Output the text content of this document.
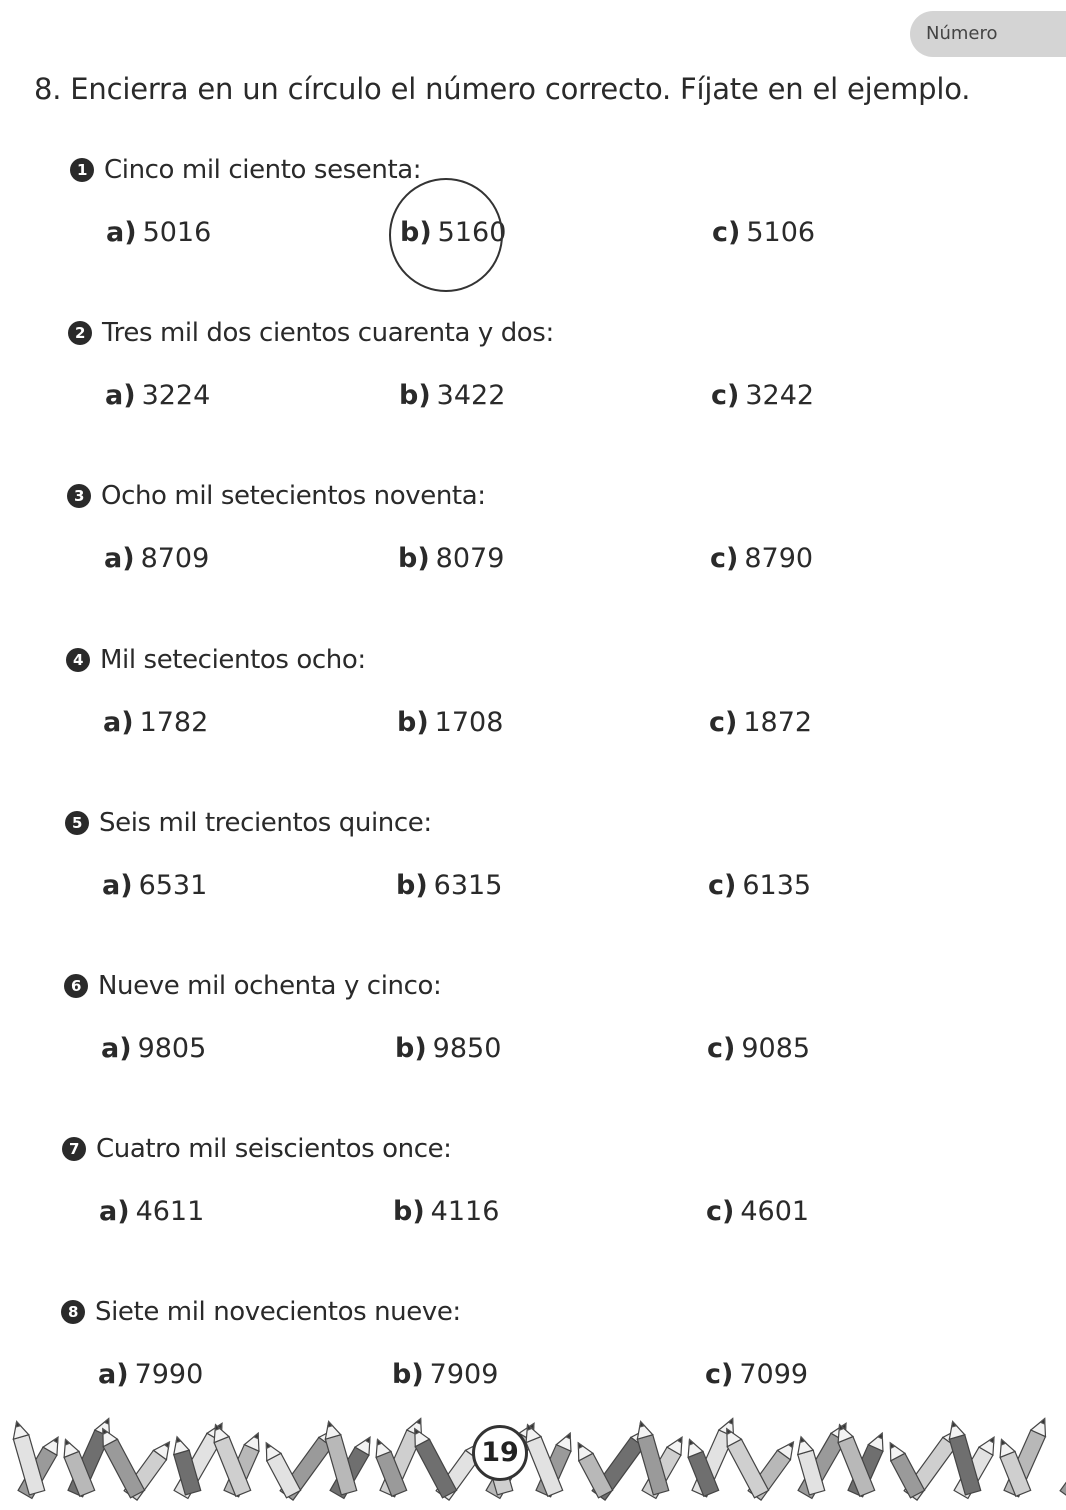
Número
8. Encierra en un círculo el número correcto. Fíjate en el ejemplo.
1 Cinco mil ciento sesenta:
a) 5016	b) 5160	c) 5106
2 Tres mil dos cientos cuarenta y dos:
a) 3224	b) 3422	c) 3242
3 Ocho mil setecientos noventa:
a) 8709	b) 8079	c) 8790
4 Mil setecientos ocho:
a) 1782	b) 1708	c) 1872
5 Seis mil trecientos quince:
a) 6531	b) 6315	c) 6135
6 Nueve mil ochenta y cinco:
a) 9805	b) 9850	c) 9085
7 Cuatro mil seiscientos once:
a) 4611	b) 4116	c) 4601
8 Siete mil novecientos nueve:
a) 7990	b) 7909	c) 7099
19
